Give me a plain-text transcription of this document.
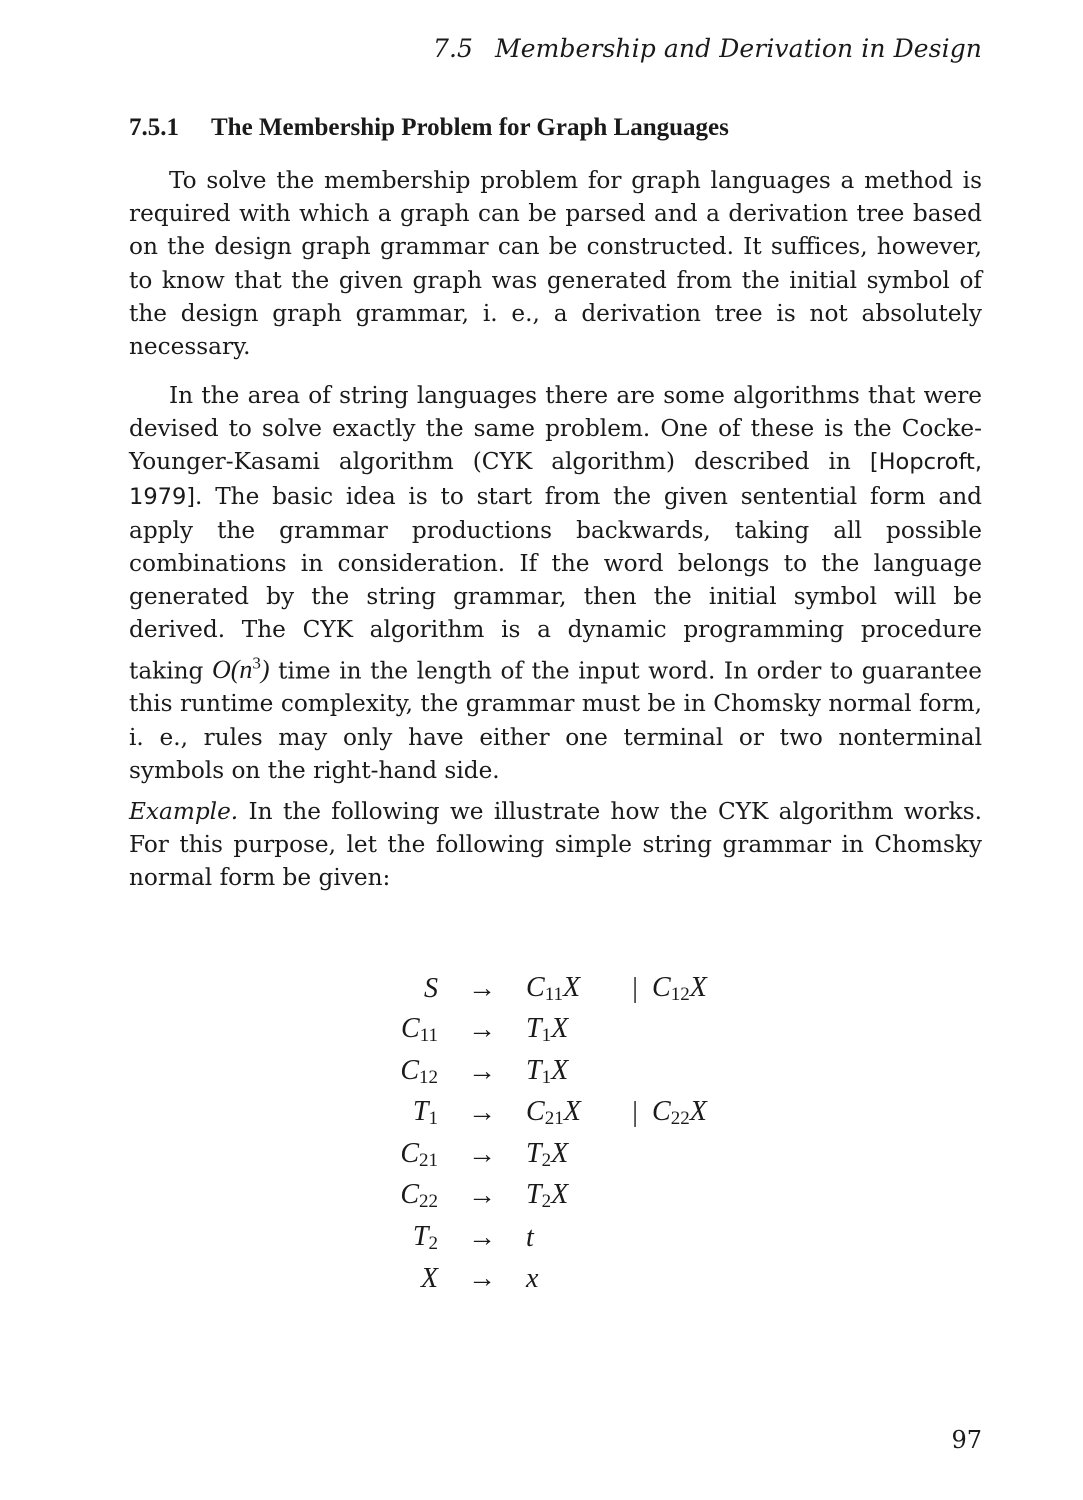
7.5 Membership and Derivation in Design
7.5.1 The Membership Problem for Graph Languages
To solve the membership problem for graph languages a method is required with which a graph can be parsed and a derivation tree based on the design graph grammar can be constructed. It suffices, however, to know that the given graph was generated from the initial symbol of the design graph grammar, i. e., a derivation tree is not absolutely necessary.
In the area of string languages there are some algorithms that were devised to solve exactly the same problem. One of these is the Cocke-Younger-Kasami algorithm (CYK algorithm) described in [Hopcroft, 1979]. The basic idea is to start from the given sentential form and apply the grammar productions backwards, taking all possible combinations in consideration. If the word belongs to the language generated by the string grammar, then the initial symbol will be derived. The CYK algorithm is a dynamic programming procedure taking $O(n^3)$ time in the length of the input word. In order to guarantee this runtime complexity, the grammar must be in Chomsky normal form, i. e., rules may only have either one terminal or two nonterminal symbols on the right-hand side.
Example. In the following we illustrate how the CYK algorithm works. For this purpose, let the following simple string grammar in Chomsky normal form be given:
S	→	$C_{11}X$	|	$C_{12}X$
$C_{11}$	→	$T_1X$		
$C_{12}$	→	$T_1X$		
$T_1$	→	$C_{21}X$	|	$C_{22}X$
$C_{21}$	→	$T_2X$		
$C_{22}$	→	$T_2X$		
$T_2$	→	t		
X	→	x		
97
